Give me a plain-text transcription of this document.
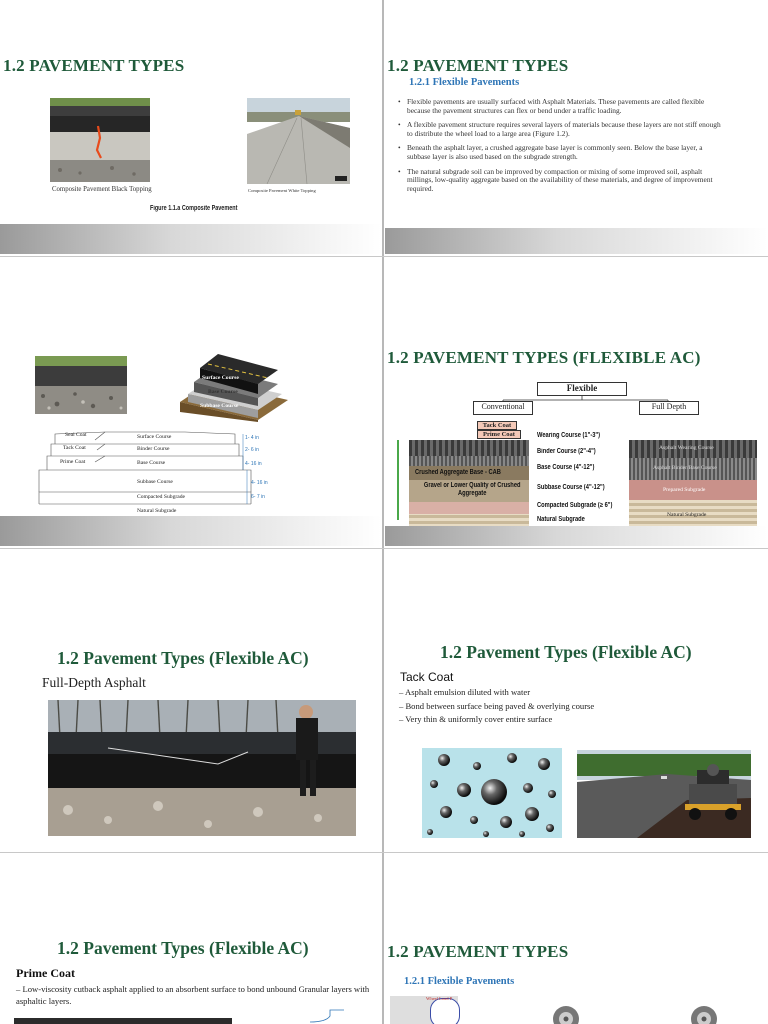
1.2 PAVEMENT TYPES
Composite Pavement Black Topping	Composite Pavement White Topping
Figure 1.1.a Composite Pavement
1.2 PAVEMENT TYPES
1.2.1 Flexible Pavements
• Flexible pavements are usually surfaced with Asphalt Materials. These pavements are called flexible because the pavement structures can flex or bend under a traffic loading.
• A flexible pavement structure requires several layers of materials because these layers are not stiff enough to distribute the wheel load to a large area (Figure 1.2).
• Beneath the asphalt layer, a crushed aggregate base layer is commonly seen. Below the base layer, a subbase layer is also used based on the subgrade strength.
• The natural subgrade soil can be improved by compaction or mixing of some improved soil, asphalt millings, low-quality aggregate based on the availability of these materials, and degree of improvement required.
Surface Course
Base Course
Subbase Course
Seal Coat
Tack Coat
Prime Coat
Surface Course
Binder Course
Base Course
Subbase Course
Compacted Subgrade
Natural Subgrade
1- 4 in
2- 6 in
4- 16 in
4- 16 in
6- 7 in
1.2 PAVEMENT TYPES (FLEXIBLE AC)
Flexible
Conventional	Full Depth
Crushed Aggregate Base - CAB
Gravel or Lower Quality of Crushed Aggregate
Tack Coat
Prime Coat	Wearing Course (1"-3")
Binder Course (2"-4")
Base Course (4"-12")
Subbase Course (4"-12")
Compacted Subgrade (≥ 6")
Natural Subgrade
Asphalt Wearing Course
Asphalt Binder/Base Course
Prepared Subgrade
Natural Subgrade
1.2 Pavement Types (Flexible AC)
Full-Depth Asphalt
1.2 Pavement Types (Flexible AC)
Tack Coat
– Asphalt emulsion diluted with water
– Bond between surface being paved & overlying course
– Very thin & uniformly cover entire surface
1.2 Pavement Types (Flexible AC)
Prime Coat
– Low-viscosity cutback asphalt applied to an absorbent surface to bond unbound Granular layers with asphaltic layers.
1.2 PAVEMENT TYPES
1.2.1 Flexible Pavements
Wheel Load P
